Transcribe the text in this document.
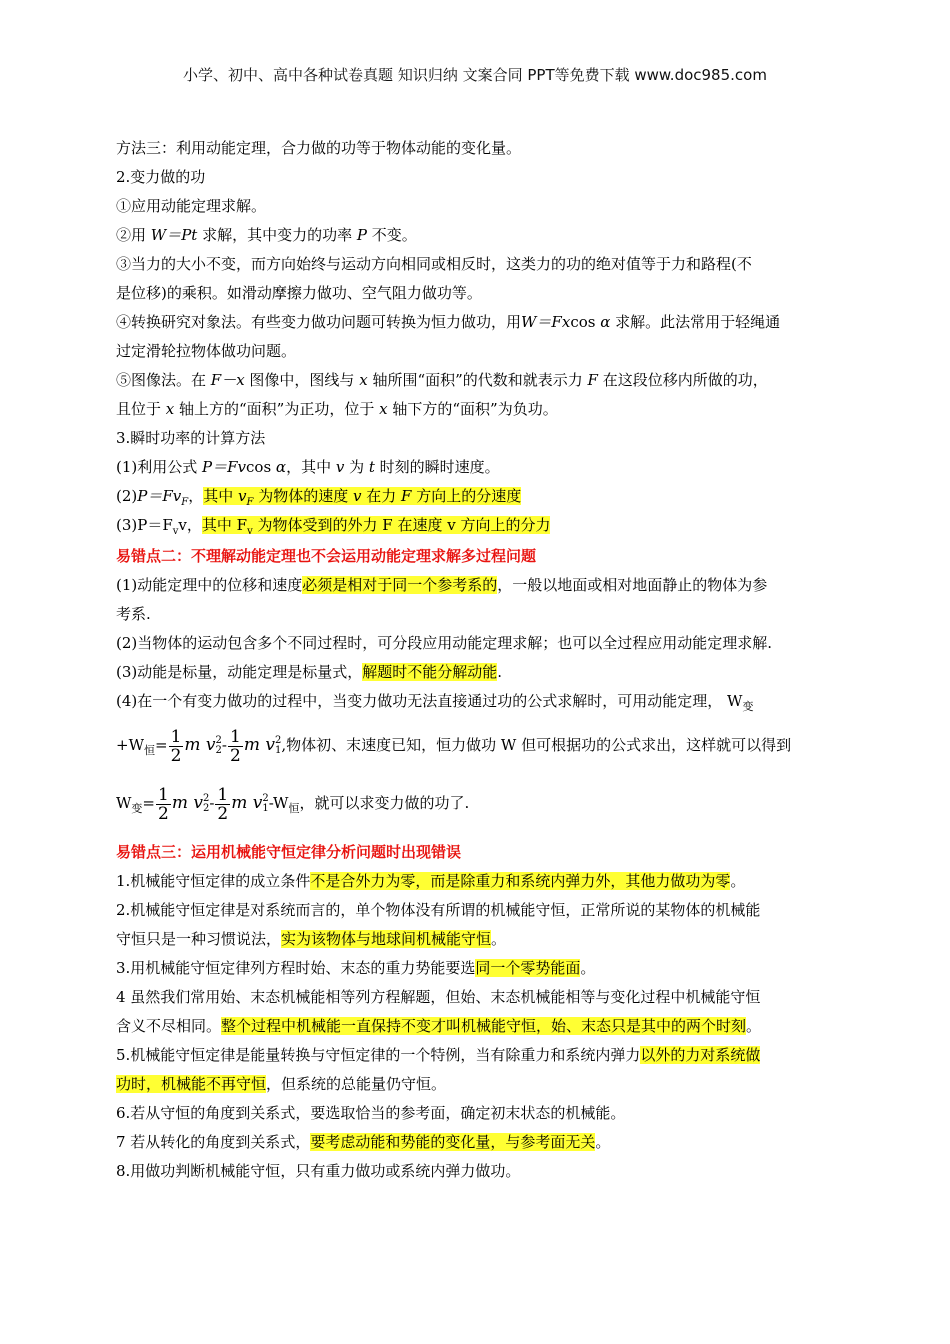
小学、初中、高中各种试卷真题 知识归纳 文案合同 PPT等免费下载 www.doc985.com
方法三：利用动能定理，合力做的功等于物体动能的变化量。
2.变力做的功
①应用动能定理求解。
②用 W＝Pt 求解，其中变力的功率 P 不变。
③当力的大小不变，而方向始终与运动方向相同或相反时，这类力的功的绝对值等于力和路程(不
是位移)的乘积。如滑动摩擦力做功、空气阻力做功等。
④转换研究对象法。有些变力做功问题可转换为恒力做功，用W＝Fxcos α 求解。此法常用于轻绳通
过定滑轮拉物体做功问题。
⑤图像法。在 F－x 图像中，图线与 x 轴所围“面积”的代数和就表示力 F 在这段位移内所做的功，
且位于 x 轴上方的“面积”为正功，位于 x 轴下方的“面积”为负功。
3.瞬时功率的计算方法
(1)利用公式 P＝Fvcos α，其中 v 为 t 时刻的瞬时速度。
$(2)P=Fv_F$，其中 $v_F$ 为物体的速度 v 在力 F 方向上的分速度
$(3)P=F_vv$，其中 $F_v$ 为物体受到的外力 F 在速度 v 方向上的分力
易错点二：不理解动能定理也不会运用动能定理求解多过程问题
(1)动能定理中的位移和速度必须是相对于同一个参考系的，一般以地面或相对地面静止的物体为参
考系.
(2)当物体的运动包含多个不同过程时，可分段应用动能定理求解；也可以全过程应用动能定理求解.
(3)动能是标量，动能定理是标量式，解题时不能分解动能.
(4)在一个有变力做功的过程中，当变力做功无法直接通过功的公式求解时，可用动能定理， $W_变$
$+W_恒= \frac{1}{2}$ m v 2
$2 - \frac{1}{2}$ m v 2
1 ,物体初、末速度已知，恒力做功 W 但可根据功的公式求出，这样就可以得到
$W_变= \frac{1}{2}$ m v 2
$2 - \frac{1}{2}$ m v 2
1 $-W_恒$，就可以求变力做的功了.
易错点三：运用机械能守恒定律分析问题时出现错误
1.机械能守恒定律的成立条件不是合外力为零，而是除重力和系统内弹力外，其他力做功为零。
2.机械能守恒定律是对系统而言的，单个物体没有所谓的机械能守恒，正常所说的某物体的机械能
守恒只是一种习惯说法，实为该物体与地球间机械能守恒。
3.用机械能守恒定律列方程时始、末态的重力势能要选同一个零势能面。
4 虽然我们常用始、末态机械能相等列方程解题，但始、末态机械能相等与变化过程中机械能守恒
含义不尽相同。整个过程中机械能一直保持不变才叫机械能守恒，始、末态只是其中的两个时刻。
5.机械能守恒定律是能量转换与守恒定律的一个特例，当有除重力和系统内弹力以外的力对系统做
功时，机械能不再守恒，但系统的总能量仍守恒。
6.若从守恒的角度到关系式，要选取恰当的参考面，确定初末状态的机械能。
7 若从转化的角度到关系式，要考虑动能和势能的变化量，与参考面无关。
8.用做功判断机械能守恒，只有重力做功或系统内弹力做功。
